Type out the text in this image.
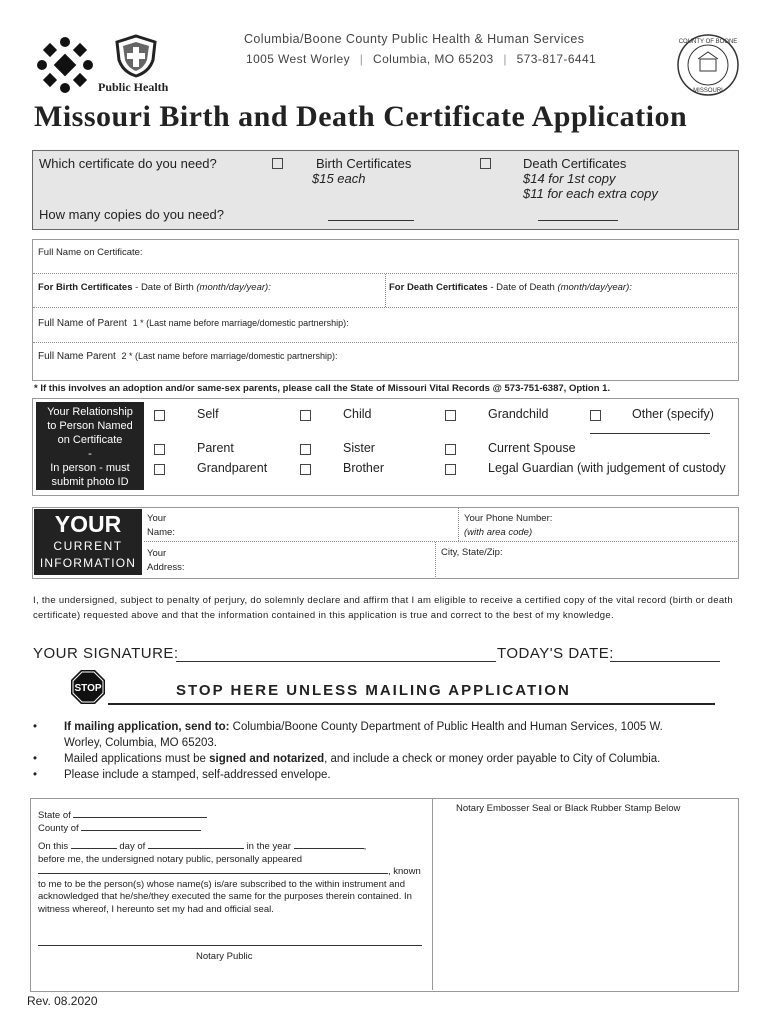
Public Health
Columbia/Boone County Public Health & Human Services
1005 West Worley | Columbia, MO 65203 | 573-817-6441
COUNTY OF BOONE
MISSOURI
Missouri Birth and Death Certificate Application
Which certificate do you need?	Birth Certificates
$15 each
Death Certificates
$14 for 1st copy
$11 for each extra copy
How many copies do you need?
Full Name on Certificate:
For Birth Certificates - Date of Birth (month/day/year):	For Death Certificates - Date of Death (month/day/year):
Full Name of Parent 1 * (Last name before marriage/domestic partnership):
Full Name Parent 2 * (Last name before marriage/domestic partnership):
* If this involves an adoption and/or same-sex parents, please call the State of Missouri Vital Records @ 573-751-6387, Option 1.
Your Relationship
to Person Named
on Certificate
-
In person - must
submit photo ID
Self	Child	Grandchild	Other (specify)
Parent	Sister	Current Spouse
Grandparent	Brother	Legal Guardian (with judgement of custody
YOUR
CURRENT
INFORMATION
Your
Name:
Your Phone Number:
(with area code)
Your
Address:
City, State/Zip:
I, the undersigned, subject to penalty of perjury, do solemnly declare and affirm that I am eligible to receive a certified copy of the vital record (birth or death certificate) requested above and that the information contained in this application is true and correct to the best of my knowledge.
YOUR SIGNATURE:	TODAY'S DATE:
STOP	STOP HERE UNLESS MAILING APPLICATION
• If mailing application, send to: Columbia/Boone County Department of Public Health and Human Services, 1005 W.
Worley, Columbia, MO 65203.
• Mailed applications must be signed and notarized, and include a check or money order payable to City of Columbia.
• Please include a stamped, self-addressed envelope.
Notary Embosser Seal or Black Rubber Stamp Below
State of
County of
On this	day of	in the year	,
before me, the undersigned notary public, personally appeared
, known
to me to be the person(s) whose name(s) is/are subscribed to the within instrument and acknowledged that he/she/they executed the same for the purposes therein contained. In witness whereof, I hereunto set my had and official seal.
Notary Public
Rev. 08.2020
